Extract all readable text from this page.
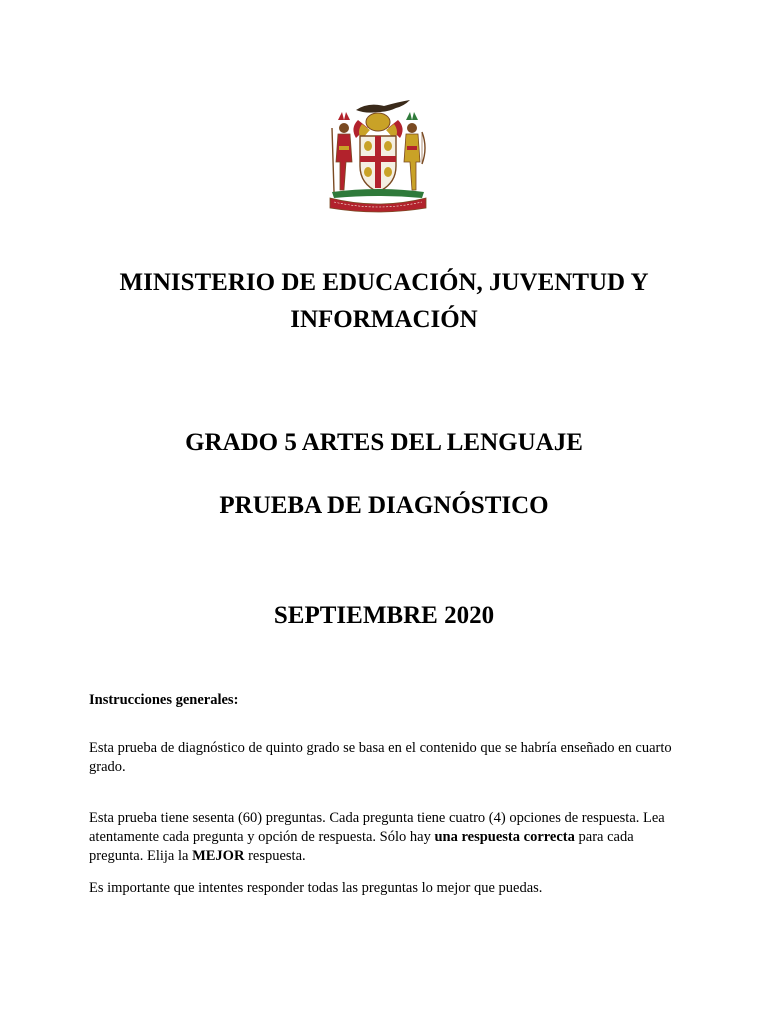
MINISTERIO DE EDUCACIÓN, JUVENTUD Y
INFORMACIÓN
GRADO 5 ARTES DEL LENGUAJE
PRUEBA DE DIAGNÓSTICO
SEPTIEMBRE 2020

Instrucciones generales:

Esta prueba de diagnóstico de quinto grado se basa en el contenido que se habría enseñado en cuarto grado.

Esta prueba tiene sesenta (60) preguntas. Cada pregunta tiene cuatro (4) opciones de respuesta. Lea atentamente cada pregunta y opción de respuesta. Sólo hay una respuesta correcta para cada pregunta. Elija la MEJOR respuesta.

Es importante que intentes responder todas las preguntas lo mejor que puedas.
